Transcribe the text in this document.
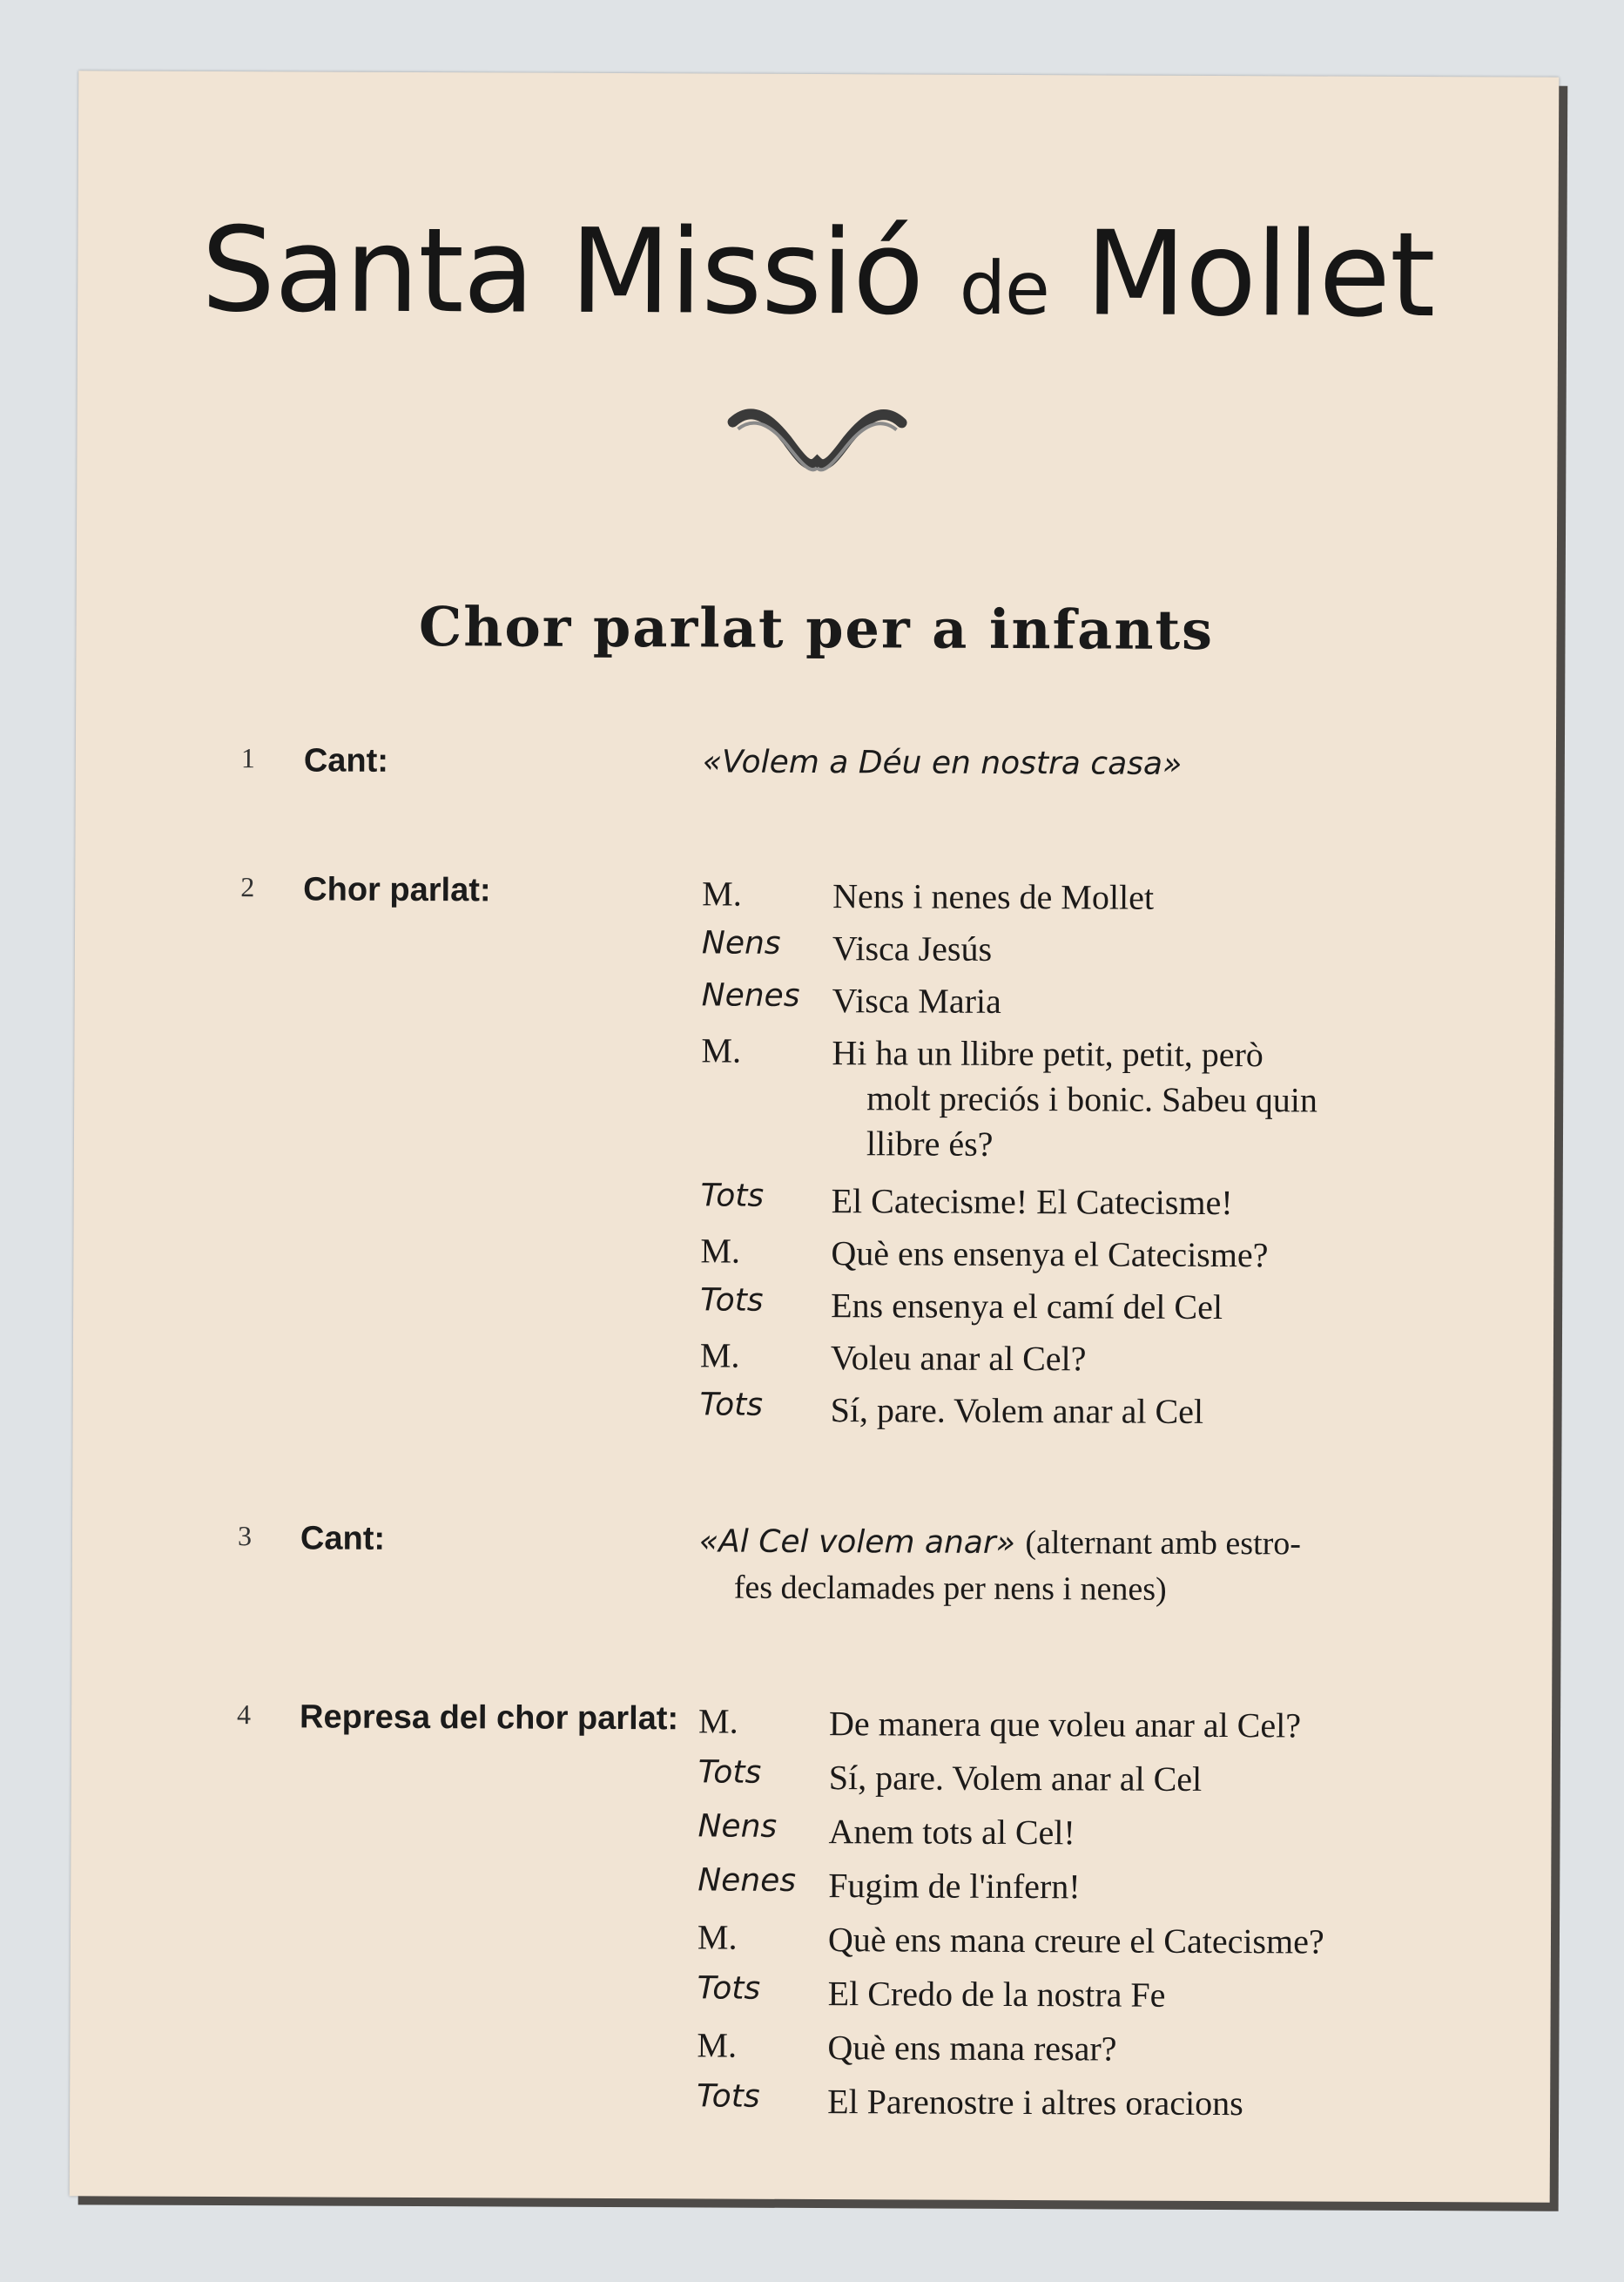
Santa Missió de Mollet
Chor parlat per a infants
1 Cant:	«Volem a Déu en nostra casa»
2 Chor parlat:	M.	Nens i nenes de Mollet
Nens Visca Jesús
Nenes Visca Maria
M.	Hi ha un llibre petit, petit, però
molt preciós i bonic. Sabeu quin
llibre és?
Tots El Catecisme! El Catecisme!
M.	Què ens ensenya el Catecisme?
Tots Ens ensenya el camí del Cel
M.	Voleu anar al Cel?
Tots Sí, pare. Volem anar al Cel
3 Cant:	«Al Cel volem anar» (alternant amb estro-
fes declamades per nens i nenes)
4 Represa del chor parlat: M.	De manera que voleu anar al Cel?
Tots Sí, pare. Volem anar al Cel
Nens Anem tots al Cel!
Nenes Fugim de l'infern!
M.	Què ens mana creure el Catecisme?
Tots El Credo de la nostra Fe
M.	Què ens mana resar?
Tots El Parenostre i altres oracions
